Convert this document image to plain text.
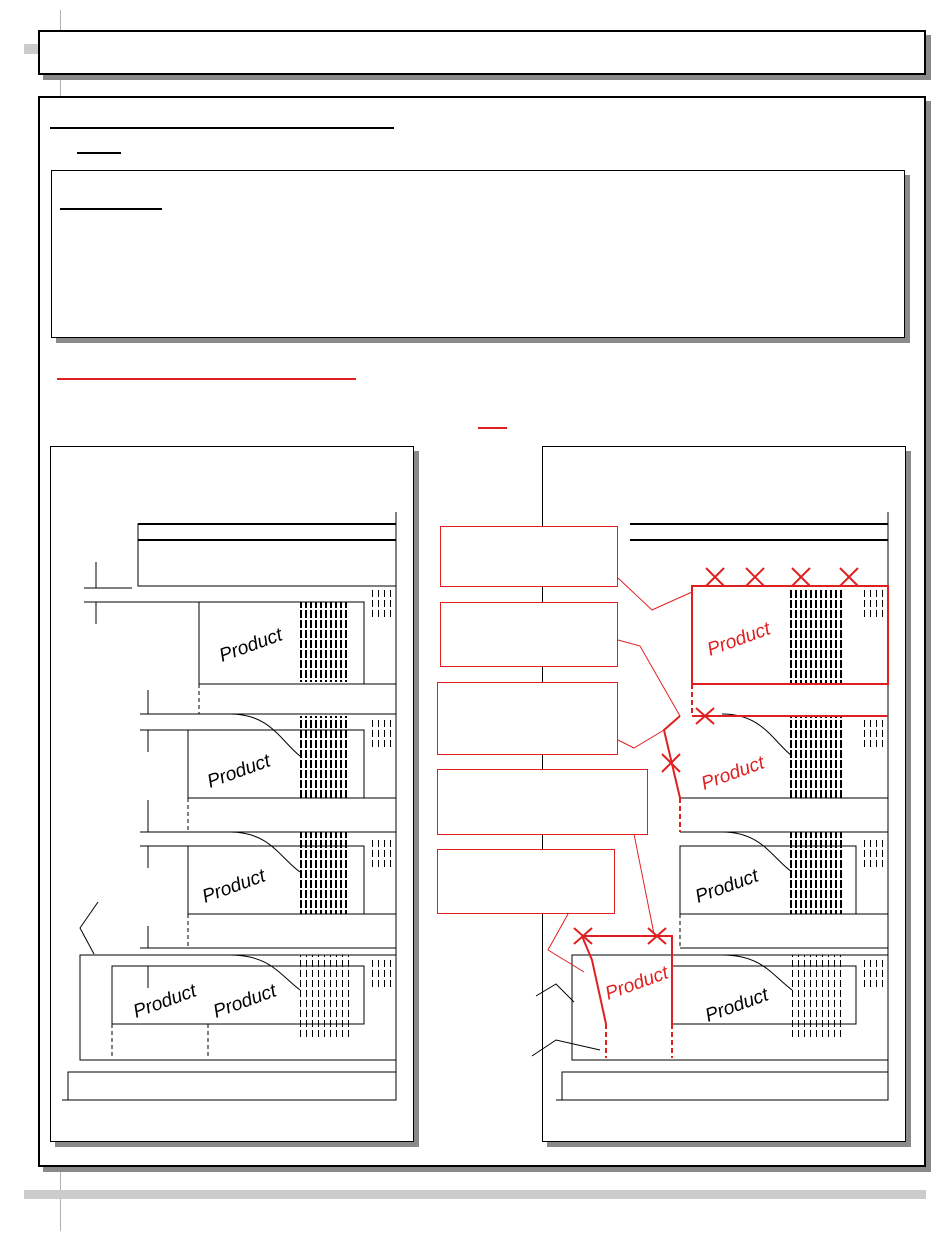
Product
Product
Product
Product Product
Product
Product
Product
Product
Product
